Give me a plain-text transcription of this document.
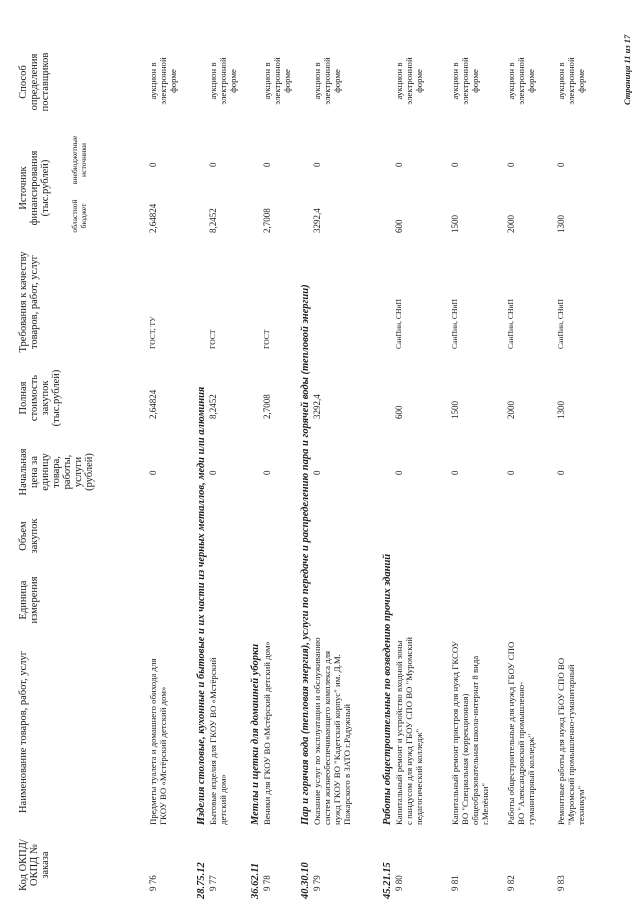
Код ОКПД/ ОКПД № заказа
Наименование товаров, работ, услуг
Единица измерения
Объем закупок
Начальная цена за единицу товара, работы, услуги (рублей)
Полная стоимость закупок (тыс.рублей)
Требования к качеству товаров, работ, услуг
Источник финансирования (тыс.рублей)	областной бюджет
внебюджетные источники
Способ определения поставщиков
9 76
Предметы туалета и домашнего обихода для ГКОУ ВО «Мстёрский детский дом»
0
2,64824
ГОСТ, ТУ
2,64824
0
аукцион в электронной форме
28.75.12
Изделия столовые, кухонные и бытовые и их части из черных металлов, меди или алюминия
9 77
Бытовые изделия для ГКОУ ВО «Мстёрский детский дом»
0
8,2452
ГОСТ
8,2452
0
аукцион в электронной форме
36.62.11
Метлы и щетки для домашней уборки
9 78
Веники для ГКОУ ВО «Мстёрский детский дом»
0
2,7008
ГОСТ
2,7008
0
аукцион в электронной форме
40.30.10
Пар и горячая вода (тепловая энергия), услуги по передаче и распределению пара и горячей воды (тепловой энергии)
9 79
Оказание услуг по эксплуатации и обслуживанию систем жизнеобеспечивающего комплекса для нужд ГКОУ ВО "Кадетский корпус" им. Д.М. Пожарского в ЗАТО г.Радужный
0
3292,4
3292,4
0
аукцион в электронной форме
45.21.15
Работы общестроительные по возведению прочих зданий
9 80
Капитальный ремонт и устройство входной зоны с пандусом для нужд ГБОУ СПО ВО "Муромский педагогический колледж"
0
600
СанПин, СНиП
600
0
аукцион в электронной форме
9 81
Капитальный ремонт пристроя для нужд ГКСОУ ВО "Специальная (коррекционная) общеобразовательная школа-интернат 8 вида г.Мелёнки"
0
1500
СанПин, СНиП
1500
0
аукцион в электронной форме
9 82
Работы общестроительные для нужд ГБОУ СПО ВО "Александровский промышленно-гуманитарный колледж"
0
2000
СанПин, СНиП
2000
0
аукцион в электронной форме
9 83
Ремонтные работы для нужд ГБОУ СПО ВО "Муромский промышленно-гуманитарный техникум"
0
1300
СанПин, СНиП
1300
0
аукцион в электронной форме	Страница 11 из 17
